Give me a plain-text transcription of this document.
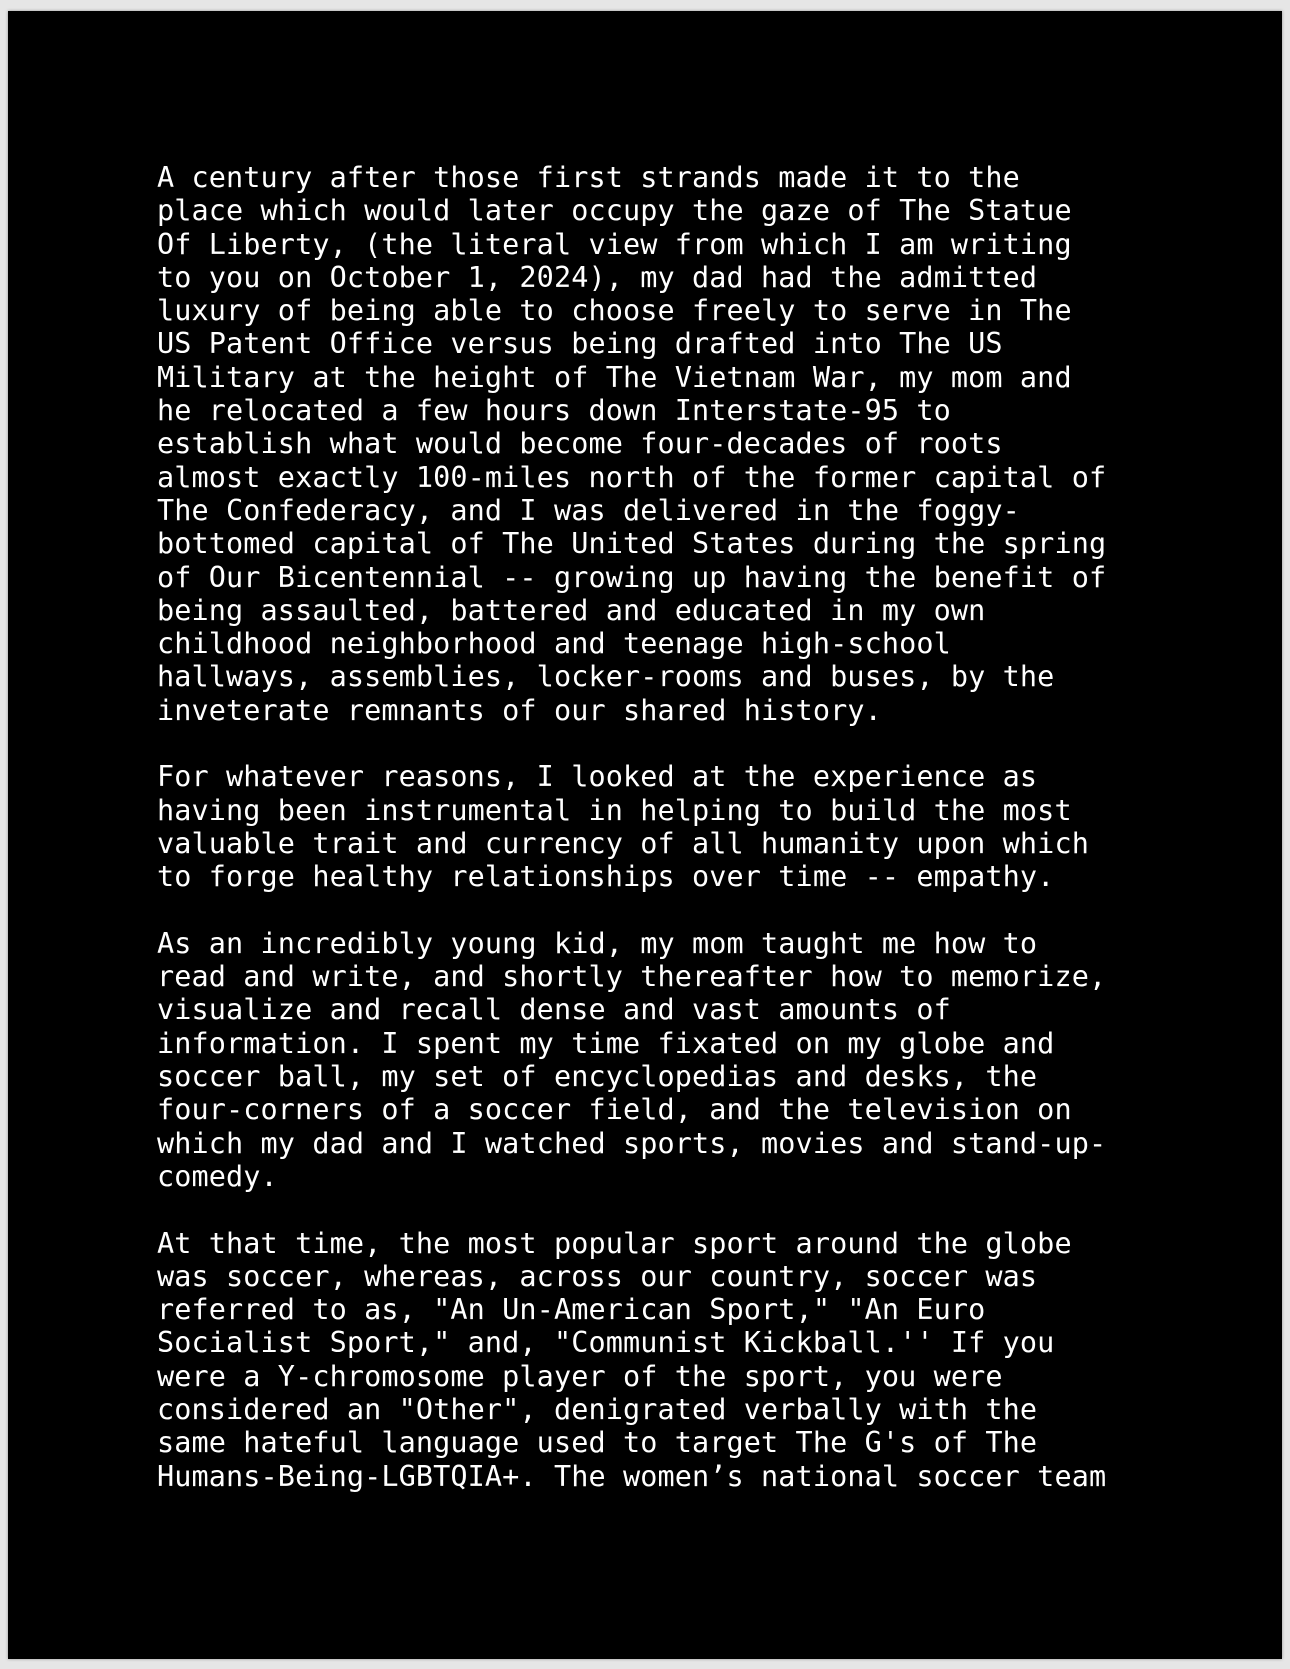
A century after those first strands made it to the
place which would later occupy the gaze of The Statue
Of Liberty, (the literal view from which I am writing
to you on October 1, 2024), my dad had the admitted
luxury of being able to choose freely to serve in The
US Patent Office versus being drafted into The US
Military at the height of The Vietnam War, my mom and
he relocated a few hours down Interstate-95 to
establish what would become four-decades of roots
almost exactly 100-miles north of the former capital of
The Confederacy, and I was delivered in the foggy-
bottomed capital of The United States during the spring
of Our Bicentennial -- growing up having the benefit of
being assaulted, battered and educated in my own
childhood neighborhood and teenage high-school
hallways, assemblies, locker-rooms and buses, by the
inveterate remnants of our shared history.

For whatever reasons, I looked at the experience as
having been instrumental in helping to build the most
valuable trait and currency of all humanity upon which
to forge healthy relationships over time -- empathy.

As an incredibly young kid, my mom taught me how to
read and write, and shortly thereafter how to memorize,
visualize and recall dense and vast amounts of
information. I spent my time fixated on my globe and
soccer ball, my set of encyclopedias and desks, the
four-corners of a soccer field, and the television on
which my dad and I watched sports, movies and stand-up-
comedy.

At that time, the most popular sport around the globe
was soccer, whereas, across our country, soccer was
referred to as, "An Un-American Sport," "An Euro
Socialist Sport," and, "Communist Kickball.'' If you
were a Y-chromosome player of the sport, you were
considered an "Other", denigrated verbally with the
same hateful language used to target The G's of The
Humans-Being-LGBTQIA+. The women’s national soccer team
